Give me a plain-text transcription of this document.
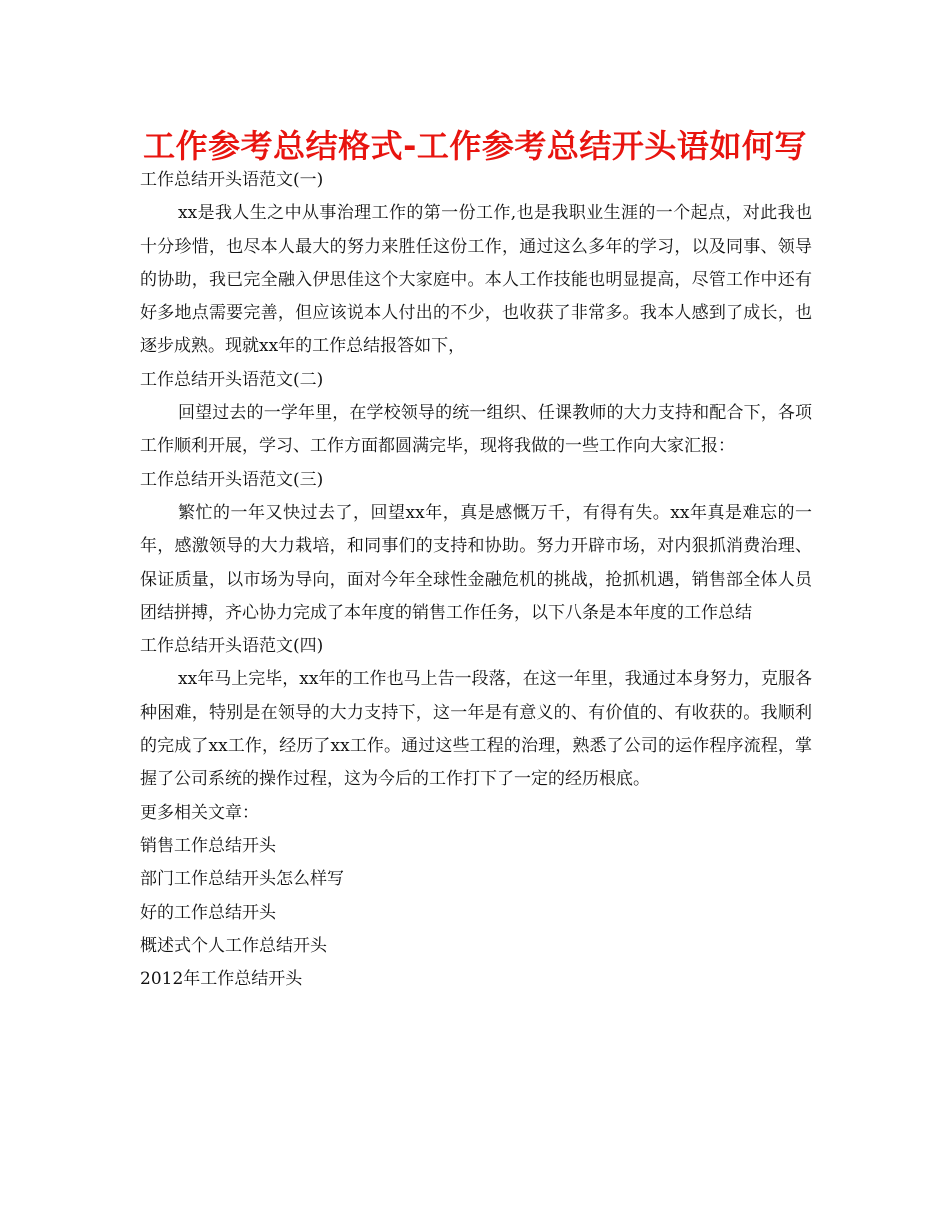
工作参考总结格式-工作参考总结开头语如何写

工作总结开头语范文(一)

xx是我人生之中从事治理工作的第一份工作,也是我职业生涯的一个起点，对此我也十分珍惜，也尽本人最大的努力来胜任这份工作，通过这么多年的学习，以及同事、领导的协助，我已完全融入伊思佳这个大家庭中。本人工作技能也明显提高，尽管工作中还有好多地点需要完善，但应该说本人付出的不少，也收获了非常多。我本人感到了成长，也逐步成熟。现就xx年的工作总结报答如下，

工作总结开头语范文(二)

回望过去的一学年里，在学校领导的统一组织、任课教师的大力支持和配合下，各项工作顺利开展，学习、工作方面都圆满完毕，现将我做的一些工作向大家汇报：

工作总结开头语范文(三)

繁忙的一年又快过去了，回望xx年，真是感慨万千，有得有失。xx年真是难忘的一年，感激领导的大力栽培，和同事们的支持和协助。努力开辟市场，对内狠抓消费治理、保证质量，以市场为导向，面对今年全球性金融危机的挑战，抢抓机遇，销售部全体人员团结拼搏，齐心协力完成了本年度的销售工作任务，以下八条是本年度的工作总结

工作总结开头语范文(四)

xx年马上完毕，xx年的工作也马上告一段落，在这一年里，我通过本身努力，克服各种困难，特别是在领导的大力支持下，这一年是有意义的、有价值的、有收获的。我顺利的完成了xx工作，经历了xx工作。通过这些工程的治理，熟悉了公司的运作程序流程，掌握了公司系统的操作过程，这为今后的工作打下了一定的经历根底。

更多相关文章：

销售工作总结开头

部门工作总结开头怎么样写

好的工作总结开头

概述式个人工作总结开头

2012年工作总结开头
